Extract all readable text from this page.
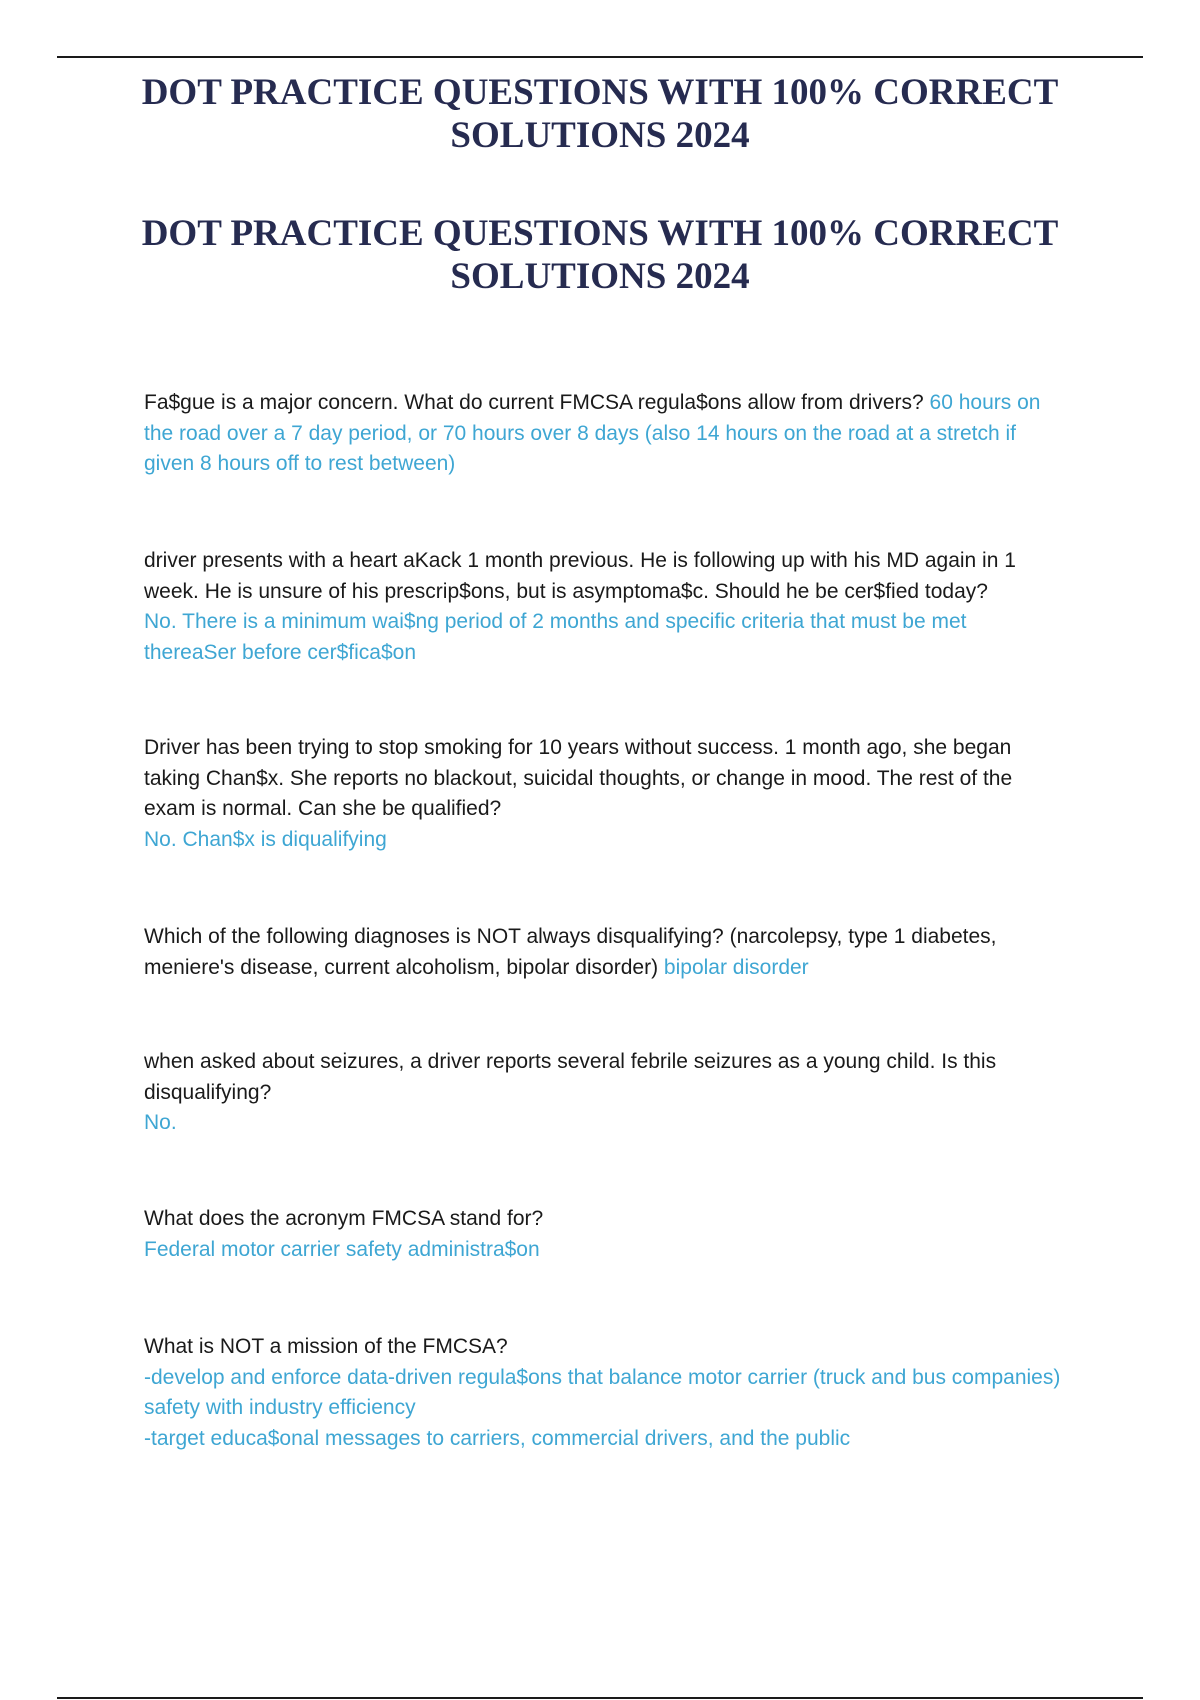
DOT PRACTICE QUESTIONS WITH 100% CORRECT
SOLUTIONS 2024
DOT PRACTICE QUESTIONS WITH 100% CORRECT
SOLUTIONS 2024
Fa$gue is a major concern. What do current FMCSA regula$ons allow from drivers? 60 hours on the road over a 7 day period, or 70 hours over 8 days (also 14 hours on the road at a stretch if given 8 hours off to rest between)
driver presents with a heart aKack 1 month previous. He is following up with his MD again in 1 week. He is unsure of his prescrip$ons, but is asymptoma$c. Should he be cer$fied today?
No. There is a minimum wai$ng period of 2 months and specific criteria that must be met thereaSer before cer$fica$on
Driver has been trying to stop smoking for 10 years without success. 1 month ago, she began taking Chan$x. She reports no blackout, suicidal thoughts, or change in mood. The rest of the exam is normal. Can she be qualified?
No. Chan$x is diqualifying
Which of the following diagnoses is NOT always disqualifying? (narcolepsy, type 1 diabetes, meniere's disease, current alcoholism, bipolar disorder) bipolar disorder
when asked about seizures, a driver reports several febrile seizures as a young child. Is this disqualifying?
No.
What does the acronym FMCSA stand for?
Federal motor carrier safety administra$on
What is NOT a mission of the FMCSA?
-develop and enforce data-driven regula$ons that balance motor carrier (truck and bus companies) safety with industry efficiency
-target educa$onal messages to carriers, commercial drivers, and the public
